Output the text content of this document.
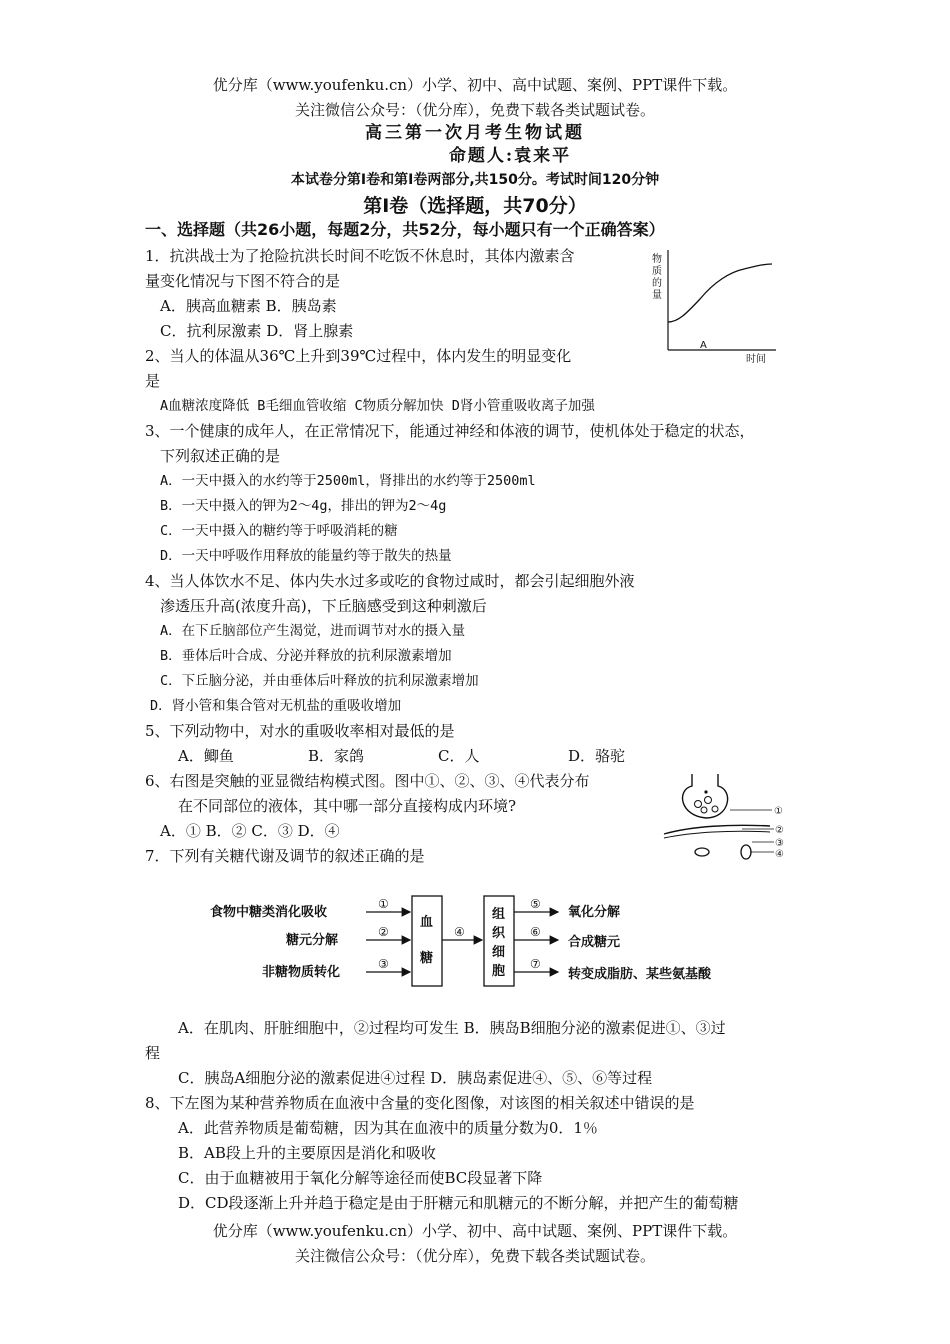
优分库（www.youfenku.cn）小学、初中、高中试题、案例、PPT课件下载。
关注微信公众号：（优分库），免费下载各类试题试卷。
高三第一次月考生物试题
命题人:袁来平
本试卷分第Ⅰ卷和第Ⅰ卷两部分,共150分。考试时间120分钟
第Ⅰ卷（选择题，共70分）
一、选择题（共26小题，每题2分，共52分，每小题只有一个正确答案）
1．抗洪战士为了抢险抗洪长时间不吃饭不休息时，其体内激素含
量变化情况与下图不符合的是
A．胰高血糖素 B．胰岛素
C．抗利尿激素 D．肾上腺素
物
质
的
量
A
时间
2、当人的体温从36℃上升到39℃过程中，体内发生的明显变化
是
A血糖浓度降低 B毛细血管收缩 C物质分解加快 D肾小管重吸收离子加强
3、一个健康的成年人，在正常情况下，能通过神经和体液的调节，使机体处于稳定的状态，
下列叙述正确的是
A．一天中摄入的水约等于2500ml，肾排出的水约等于2500ml
B．一天中摄入的钾为2～4g，排出的钾为2～4g
C．一天中摄入的糖约等于呼吸消耗的糖
D．一天中呼吸作用释放的能量约等于散失的热量
4、当人体饮水不足、体内失水过多或吃的食物过咸时，都会引起细胞外液
渗透压升高(浓度升高)，下丘脑感受到这种刺激后
A．在下丘脑部位产生渴觉，进而调节对水的摄入量
B．垂体后叶合成、分泌并释放的抗利尿激素增加
C．下丘脑分泌，并由垂体后叶释放的抗利尿激素增加
D．肾小管和集合管对无机盐的重吸收增加
5、下列动物中，对水的重吸收率相对最低的是
A．鲫鱼	B．家鸽	C．人	D．骆驼
6、右图是突触的亚显微结构模式图。图中①、②、③、④代表分布
在不同部位的液体，其中哪一部分直接构成内环境?
A．① B．② C．③ D．④
①
②
③
④
7．下列有关糖代谢及调节的叙述正确的是
食物中糖类消化吸收
糖元分解
非糖物质转化
①
②
③
血
糖
④
组
织
细
胞
⑤
⑥
⑦
氧化分解
合成糖元
转变成脂肪、某些氨基酸
A．在肌肉、肝脏细胞中，②过程均可发生 B．胰岛B细胞分泌的激素促进①、③过
程
C．胰岛A细胞分泌的激素促进④过程 D．胰岛素促进④、⑤、⑥等过程
8、下左图为某种营养物质在血液中含量的变化图像，对该图的相关叙述中错误的是
A．此营养物质是葡萄糖，因为其在血液中的质量分数为0．1％
B．AB段上升的主要原因是消化和吸收
C．由于血糖被用于氧化分解等途径而使BC段显著下降
D．CD段逐渐上升并趋于稳定是由于肝糖元和肌糖元的不断分解，并把产生的葡萄糖
优分库（www.youfenku.cn）小学、初中、高中试题、案例、PPT课件下载。
关注微信公众号：（优分库），免费下载各类试题试卷。
